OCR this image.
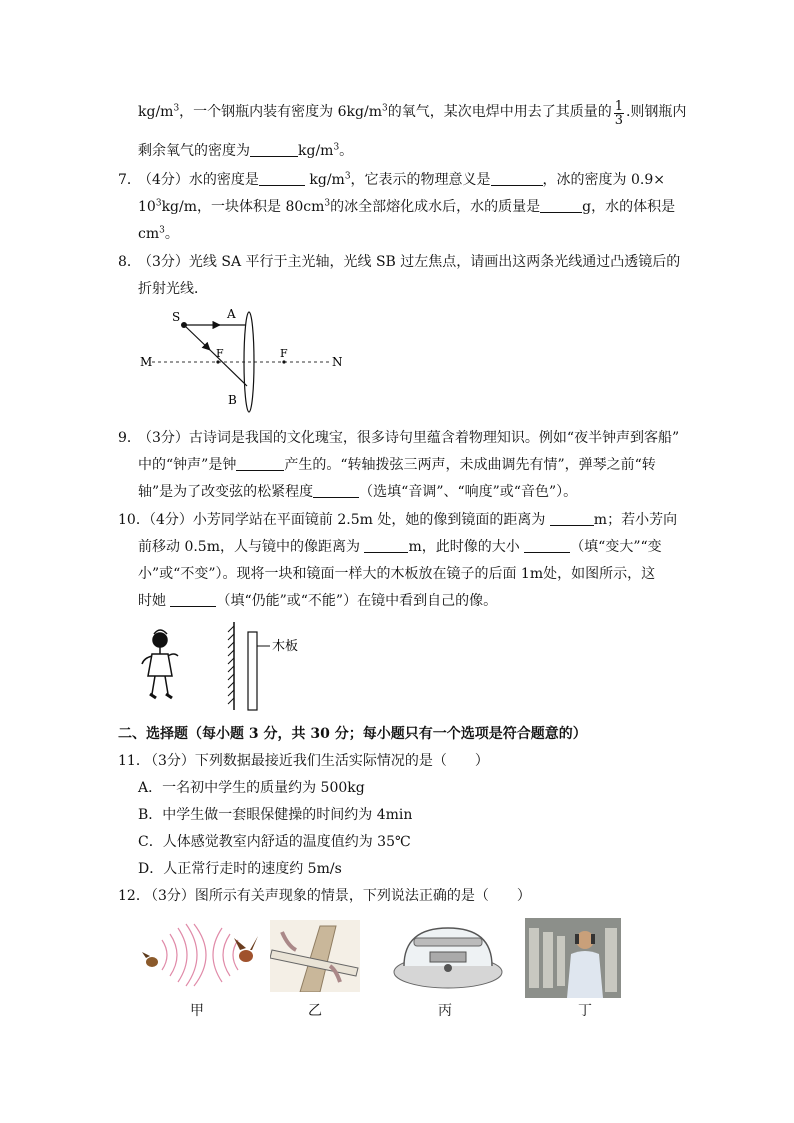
$kg/m^3$，一个钢瓶内装有密度为 $6kg/m^3$的氧气，某次电焊中用去了其质量的 $\frac{1}{3}$ .则钢瓶内
剩余氧气的密度为	$kg/m^3$。
7．
（4分）水的密度是	$kg/m^3$，它表示的物理意义是	，冰的密度为 0.9×
$10^3kg/m$，一块体积是 $80cm^3$的冰全部熔化成水后，水的质量是	g，水的体积是
$cm^3$。
8．
（3分）光线 SA 平行于主光轴，光线 SB 过左焦点，请画出这两条光线通过凸透镜后的
折射光线．
M	N
S	A
B
F	F
9．
（3分）古诗词是我国的文化瑰宝，很多诗句里蕴含着物理知识。例如“夜半钟声到客船”
中的“钟声”是钟	产生的。“转轴拨弦三两声，未成曲调先有情”，弹琴之前“转
轴”是为了改变弦的松紧程度	（选填“音调”、“响度”或“音色”）。
10．
（4分）小芳同学站在平面镜前 2.5m 处，她的像到镜面的距离为	m；若小芳向
前移动 0.5m，人与镜中的像距离为	m，此时像的大小	（填“变大”“变
小”或“不变”）。现将一块和镜面一样大的木板放在镜子的后面 1m处，如图所示，这
时她	（填“仍能”或“不能”）在镜中看到自己的像。
木板
二、选择题（每小题 3 分，共 30 分；每小题只有一个选项是符合题意的）
11．
（3分）下列数据最接近我们生活实际情况的是（　　）
A．一名初中学生的质量约为 500kg
B．中学生做一套眼保健操的时间约为 4min
C．人体感觉教室内舒适的温度值约为 35℃
D．人正常行走时的速度约 5m/s
12．
（3分）图所示有关声现象的情景，下列说法正确的是（　　）
甲	乙	丙	丁
